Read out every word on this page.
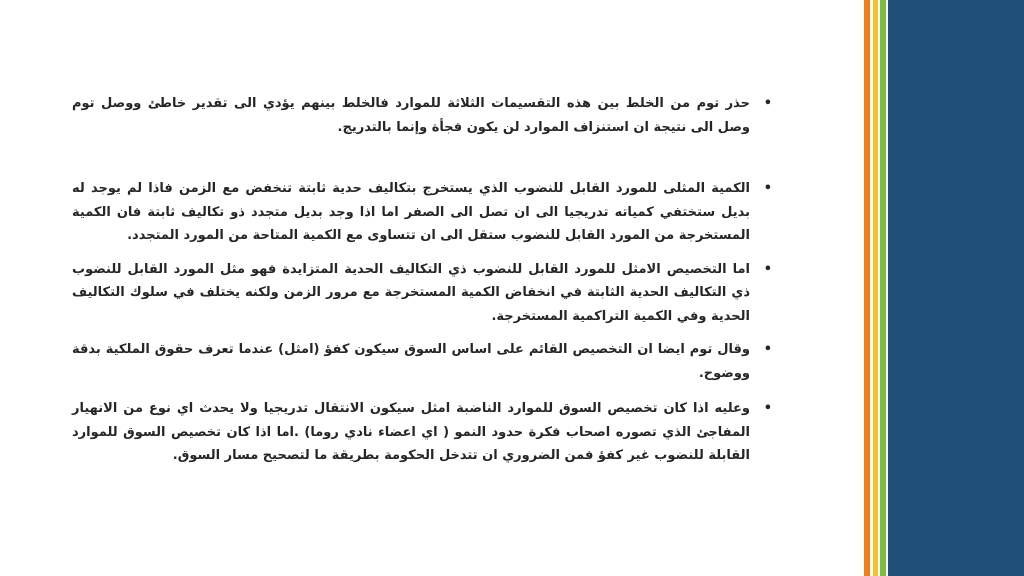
• حذر توم من الخلط بين هذه التقسيمات الثلاثة للموارد فالخلط بينهم يؤدي الى تقدير خاطئ ووصل توم وصل الى نتيجة ان استنزاف الموارد لن يكون فجأة وإنما بالتدريج.

• الكمية المثلى للمورد القابل للنضوب الذي يستخرج بتكاليف حدية ثابتة تنخفض مع الزمن فاذا لم يوجد له بديل ستختفي كمياته تدريجيا الى ان تصل الى الصفر اما اذا وجد بديل متجدد ذو تكاليف ثابتة فان الكمية المستخرجة من المورد القابل للنضوب ستقل الى ان تتساوى مع الكمية المتاحة من المورد المتجدد.

• اما التخصيص الامثل للمورد القابل للنضوب ذي التكاليف الحدية المتزايدة فهو مثل المورد القابل للنضوب ذي التكاليف الحدية الثابتة في انخفاض الكمية المستخرجة مع مرور الزمن ولكنه يختلف في سلوك التكاليف الحدية وفي الكمية التراكمية المستخرجة.

• وقال توم ايضا ان التخصيص القائم على اساس السوق سيكون كفؤ (امثل) عندما تعرف حقوق الملكية بدقة ووضوح.

• وعليه اذا كان تخصيص السوق للموارد الناضبة امثل سيكون الانتقال تدريجيا ولا يحدث اي نوع من الانهيار المفاجئ الذي تصوره اصحاب فكرة حدود النمو ( اي اعضاء نادي روما) .اما اذا كان تخصيص السوق للموارد القابلة للنضوب غير كفؤ فمن الضروري ان تتدخل الحكومة بطريقة ما لتصحيح مسار السوق.
